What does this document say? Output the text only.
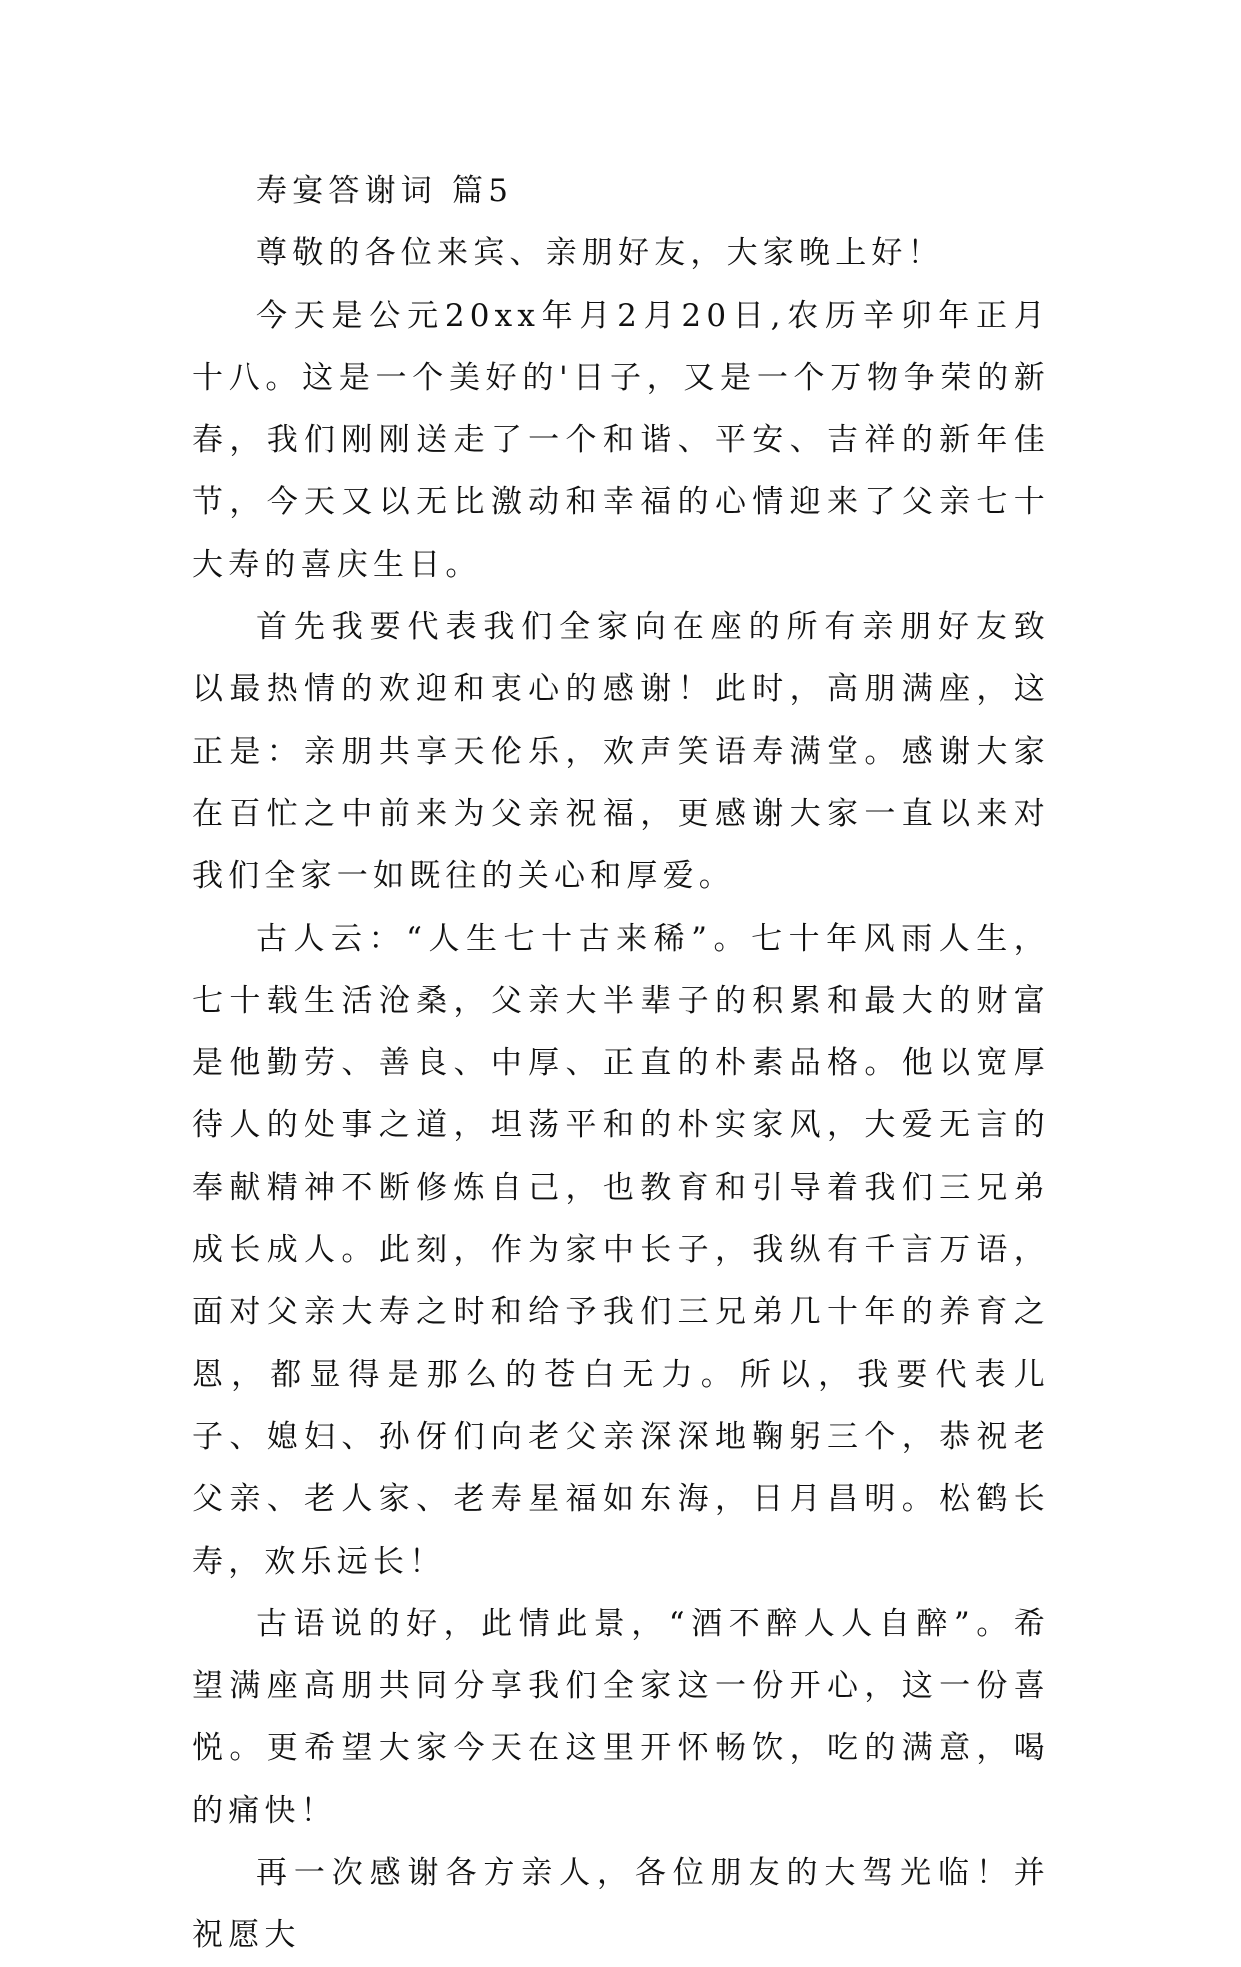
寿宴答谢词 篇5

尊敬的各位来宾、亲朋好友，大家晚上好！

今天是公元20xx年月2月20日,农历辛卯年正月十八。这是一个美好的'日子，又是一个万物争荣的新春，我们刚刚送走了一个和谐、平安、吉祥的新年佳节，今天又以无比激动和幸福的心情迎来了父亲七十大寿的喜庆生日。

首先我要代表我们全家向在座的所有亲朋好友致以最热情的欢迎和衷心的感谢！此时，高朋满座，这正是：亲朋共享天伦乐，欢声笑语寿满堂。感谢大家在百忙之中前来为父亲祝福，更感谢大家一直以来对我们全家一如既往的关心和厚爱。

古人云：“人生七十古来稀”。七十年风雨人生，七十载生活沧桑，父亲大半辈子的积累和最大的财富是他勤劳、善良、中厚、正直的朴素品格。他以宽厚待人的处事之道，坦荡平和的朴实家风，大爱无言的奉献精神不断修炼自己，也教育和引导着我们三兄弟成长成人。此刻，作为家中长子，我纵有千言万语，面对父亲大寿之时和给予我们三兄弟几十年的养育之恩，都显得是那么的苍白无力。所以，我要代表儿子、媳妇、孙伢们向老父亲深深地鞠躬三个，恭祝老父亲、老人家、老寿星福如东海，日月昌明。松鹤长寿，欢乐远长！

古语说的好，此情此景，“酒不醉人人自醉”。希望满座高朋共同分享我们全家这一份开心，这一份喜悦。更希望大家今天在这里开怀畅饮，吃的满意，喝的痛快！

再一次感谢各方亲人，各位朋友的大驾光临！并祝愿大
